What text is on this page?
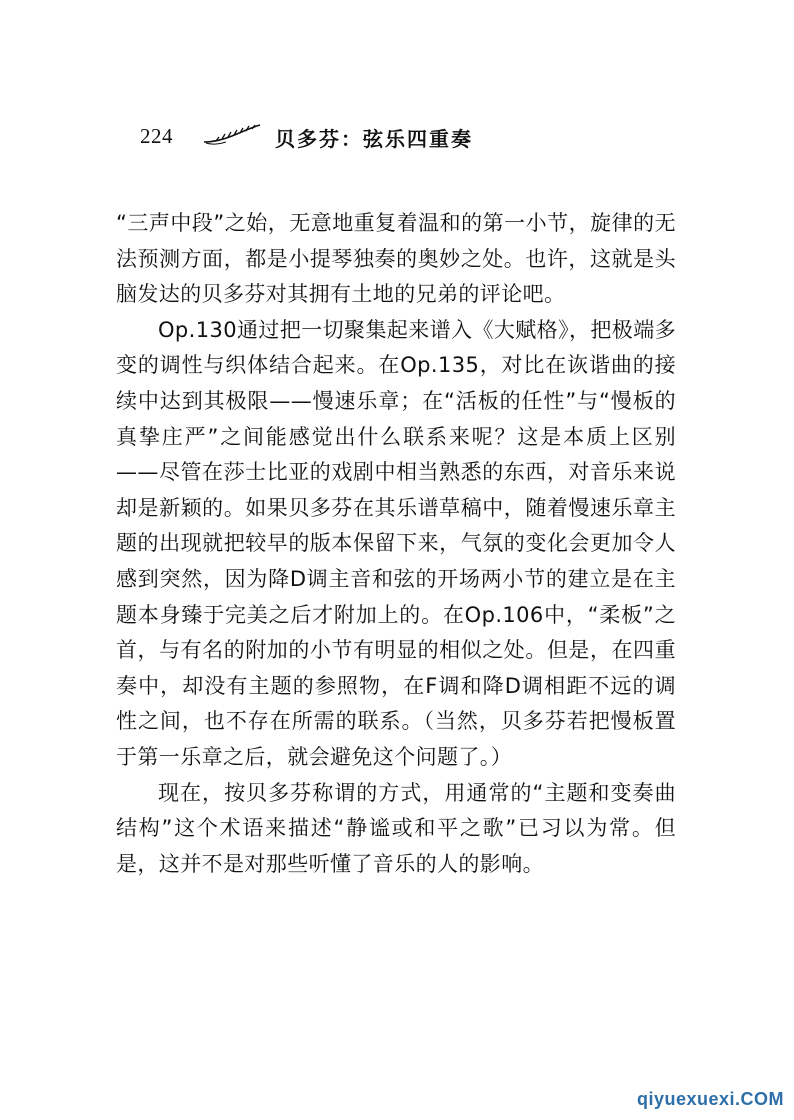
224	贝多芬：弦乐四重奏

“三声中段”之始，无意地重复着温和的第一小节，旋律的无法预测方面，都是小提琴独奏的奥妙之处。也许，这就是头脑发达的贝多芬对其拥有土地的兄弟的评论吧。

Op.130通过把一切聚集起来谱入《大赋格》，把极端多变的调性与织体结合起来。在Op.135，对比在诙谐曲的接续中达到其极限——慢速乐章；在“活板的任性”与“慢板的真挚庄严”之间能感觉出什么联系来呢？这是本质上区别——尽管在莎士比亚的戏剧中相当熟悉的东西，对音乐来说却是新颖的。如果贝多芬在其乐谱草稿中，随着慢速乐章主题的出现就把较早的版本保留下来，气氛的变化会更加令人感到突然，因为降D调主音和弦的开场两小节的建立是在主题本身臻于完美之后才附加上的。在Op.106中，“柔板”之首，与有名的附加的小节有明显的相似之处。但是，在四重奏中，却没有主题的参照物，在F调和降D调相距不远的调性之间，也不存在所需的联系。（当然，贝多芬若把慢板置于第一乐章之后，就会避免这个问题了。）

现在，按贝多芬称谓的方式，用通常的“主题和变奏曲结构”这个术语来描述“静谧或和平之歌”已习以为常。但是，这并不是对那些听懂了音乐的人的影响。

qiyuexuexi.COM
